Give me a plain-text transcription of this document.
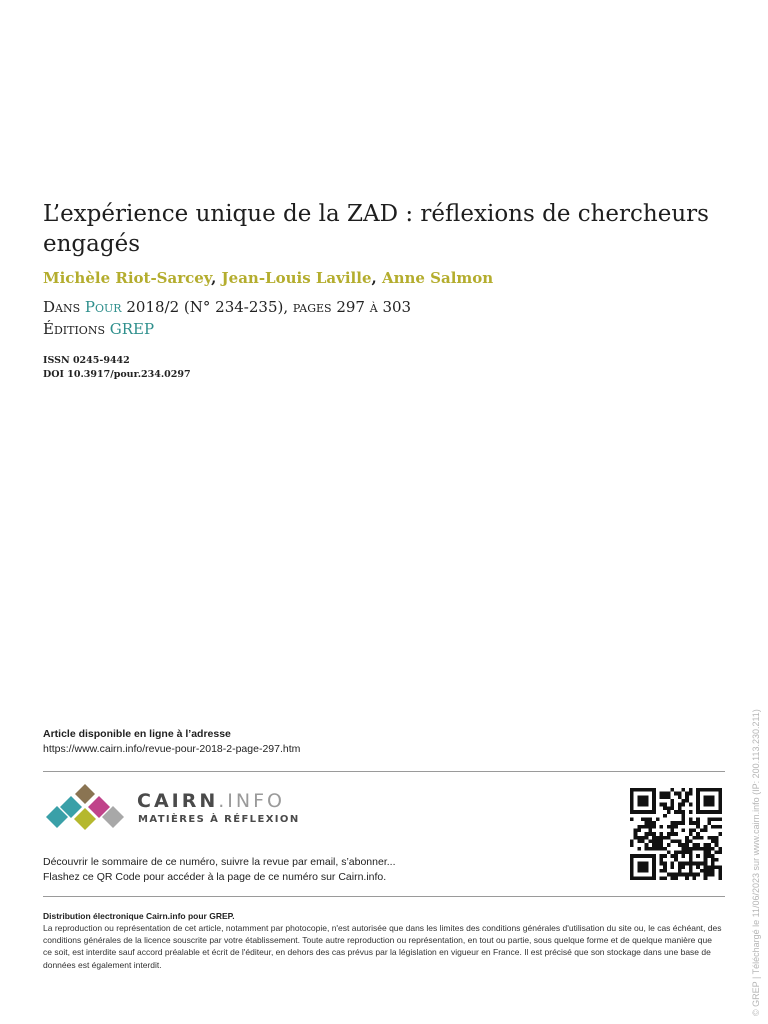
L’expérience unique de la ZAD : réflexions de chercheurs engagés
Michèle Riot-Sarcey, Jean-Louis Laville, Anne Salmon
Dans Pour 2018/2 (N° 234-235), pages 297 à 303
Éditions GREP
ISSN 0245-9442
DOI 10.3917/pour.234.0297
Article disponible en ligne à l’adresse
https://www.cairn.info/revue-pour-2018-2-page-297.htm
CAIRN.INFO
MATIÈRES À RÉFLEXION
Découvrir le sommaire de ce numéro, suivre la revue par email, s’abonner...
Flashez ce QR Code pour accéder à la page de ce numéro sur Cairn.info.
Distribution électronique Cairn.info pour GREP.
La reproduction ou représentation de cet article, notamment par photocopie, n'est autorisée que dans les limites des conditions générales d'utilisation du site ou, le cas échéant, des conditions générales de la licence souscrite par votre établissement. Toute autre reproduction ou représentation, en tout ou partie, sous quelque forme et de quelque manière que ce soit, est interdite sauf accord préalable et écrit de l'éditeur, en dehors des cas prévus par la législation en vigueur en France. Il est précisé que son stockage dans une base de données est également interdit.	© GREP | Téléchargé le 11/06/2023 sur www.cairn.info (IP: 200.113.230.211)
